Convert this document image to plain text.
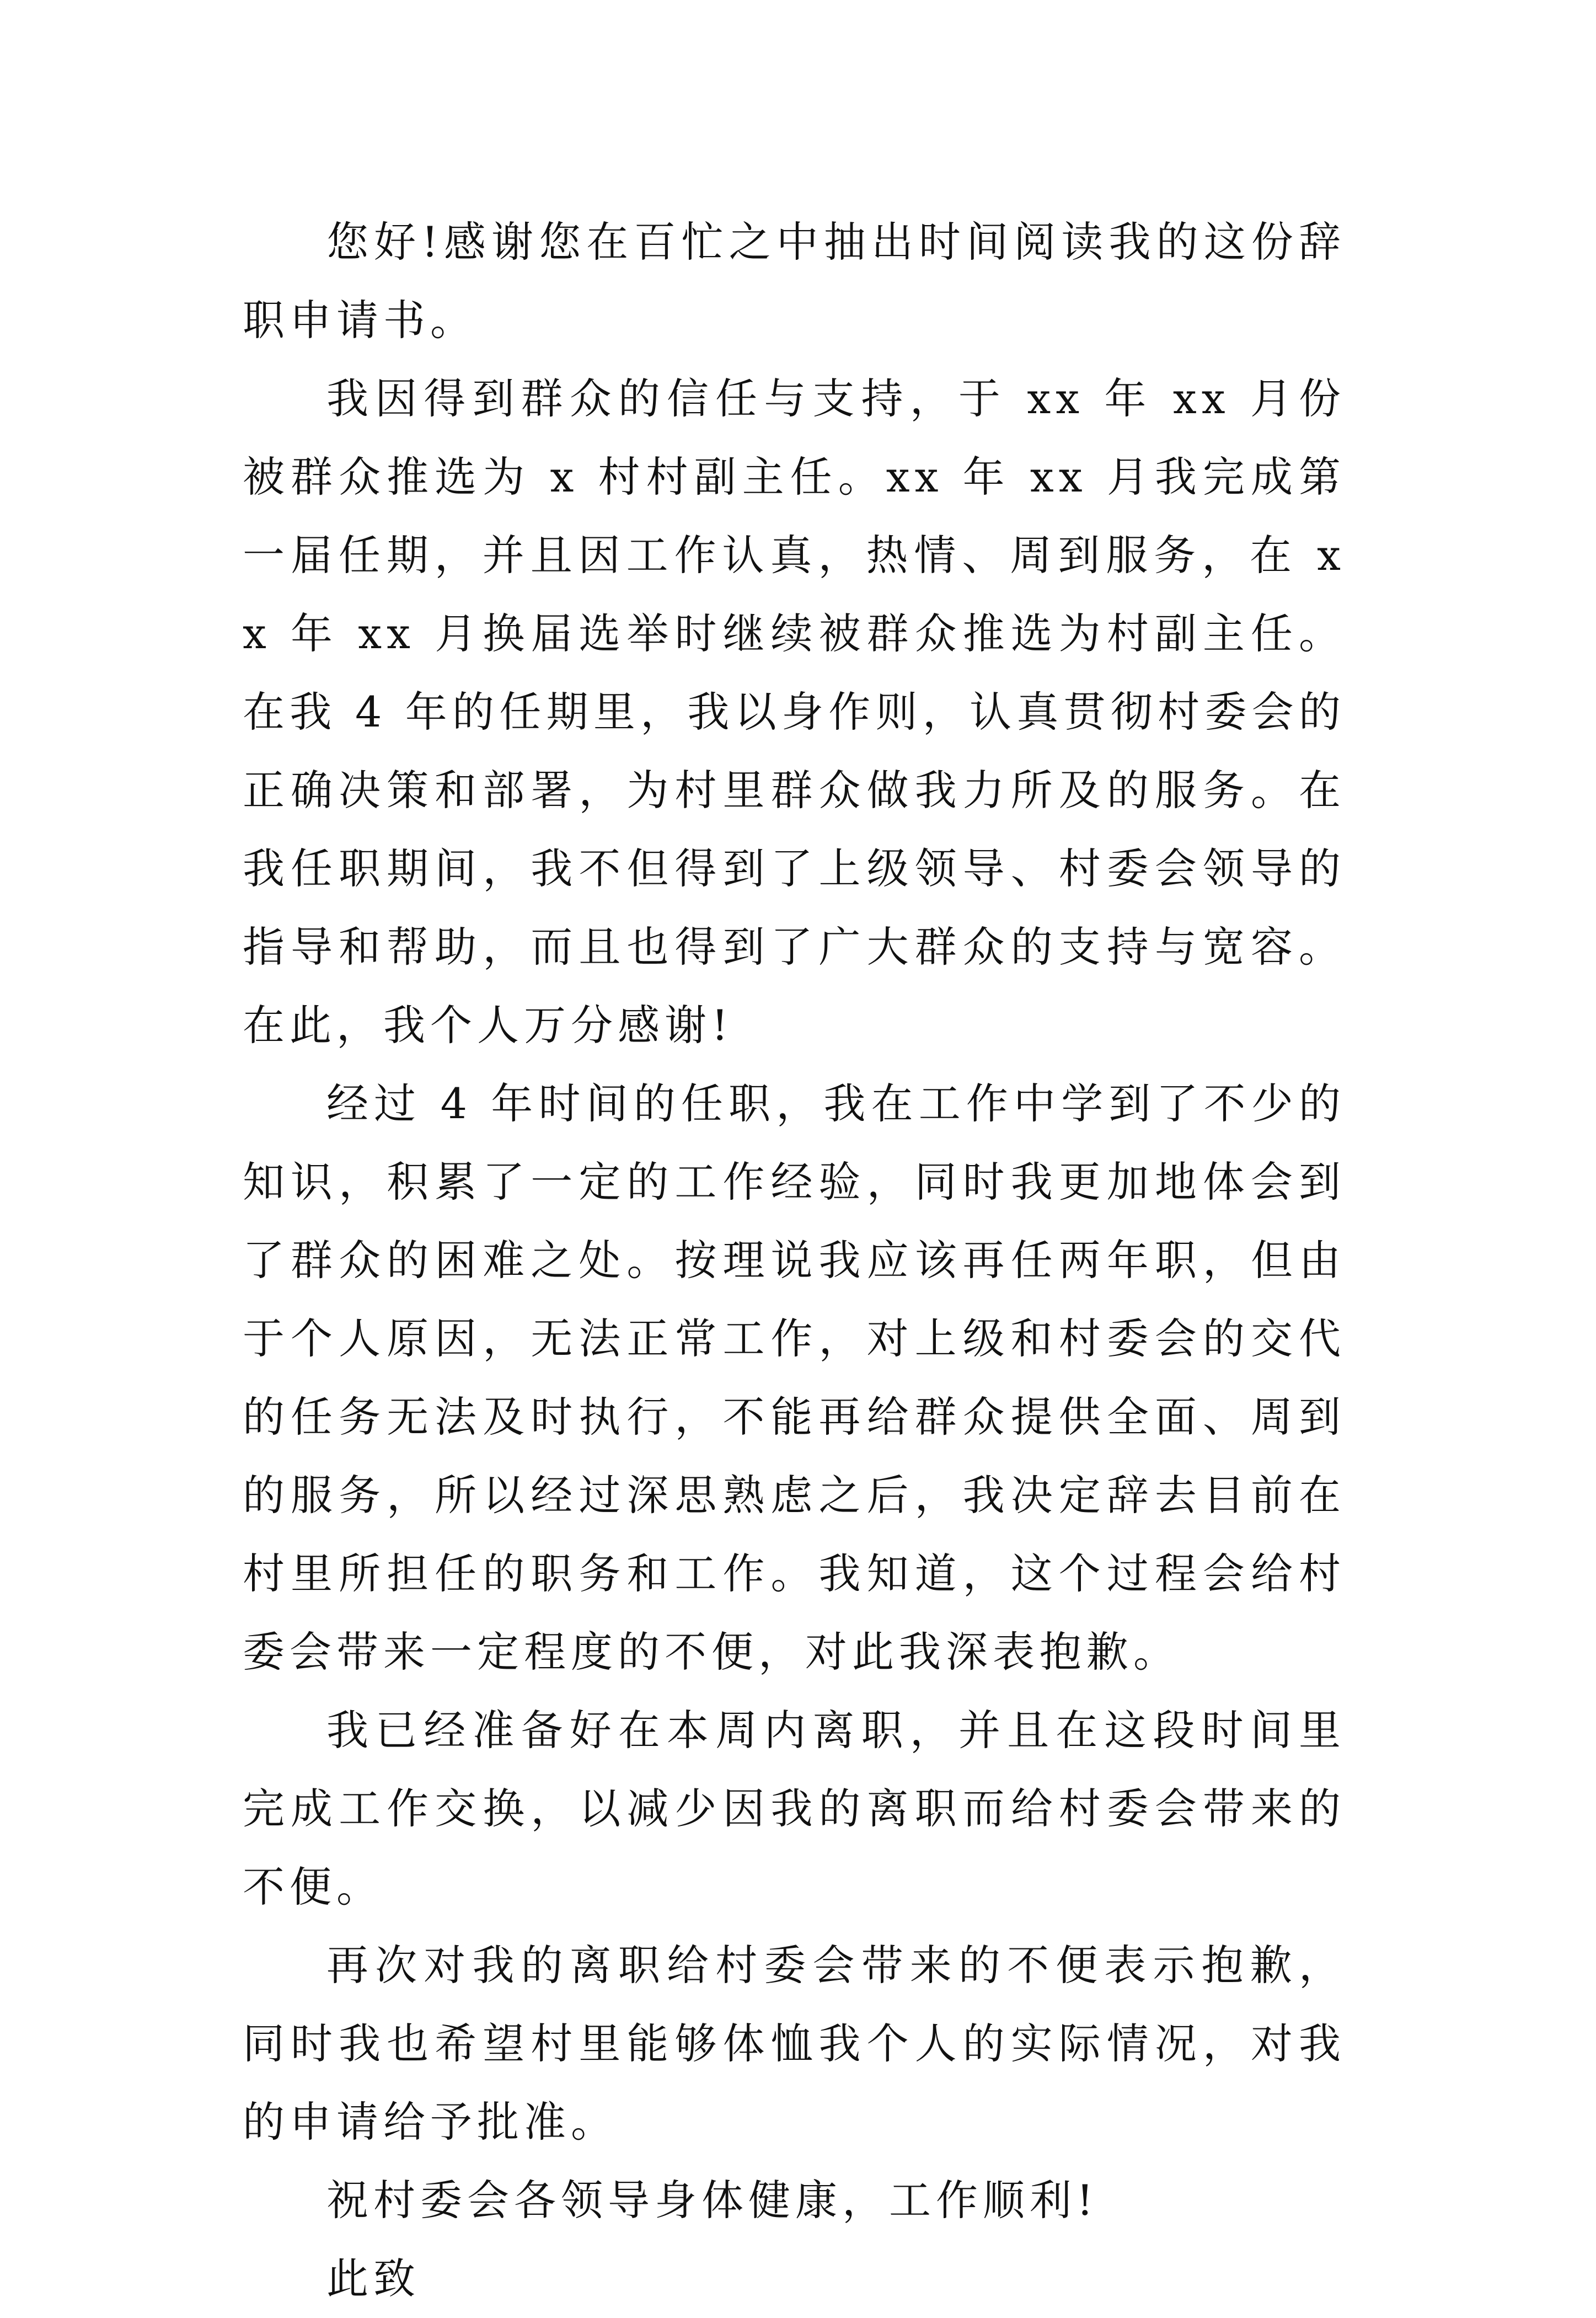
您好!感谢您在百忙之中抽出时间阅读我的这份辞职申请书。

我因得到群众的信任与支持，于 xx 年 xx 月份被群众推选为 x 村村副主任。xx 年 xx 月我完成第一届任期，并且因工作认真，热情、周到服务，在 xx 年 xx 月换届选举时继续被群众推选为村副主任。在我 4 年的任期里，我以身作则，认真贯彻村委会的正确决策和部署，为村里群众做我力所及的服务。在我任职期间，我不但得到了上级领导、村委会领导的指导和帮助，而且也得到了广大群众的支持与宽容。在此，我个人万分感谢!

经过 4 年时间的任职，我在工作中学到了不少的知识，积累了一定的工作经验，同时我更加地体会到了群众的困难之处。按理说我应该再任两年职，但由于个人原因，无法正常工作，对上级和村委会的交代的任务无法及时执行，不能再给群众提供全面、周到的服务，所以经过深思熟虑之后，我决定辞去目前在村里所担任的职务和工作。我知道，这个过程会给村委会带来一定程度的不便，对此我深表抱歉。

我已经准备好在本周内离职，并且在这段时间里完成工作交换，以减少因我的离职而给村委会带来的不便。

再次对我的离职给村委会带来的不便表示抱歉，同时我也希望村里能够体恤我个人的实际情况，对我的申请给予批准。

祝村委会各领导身体健康，工作顺利!

此致
